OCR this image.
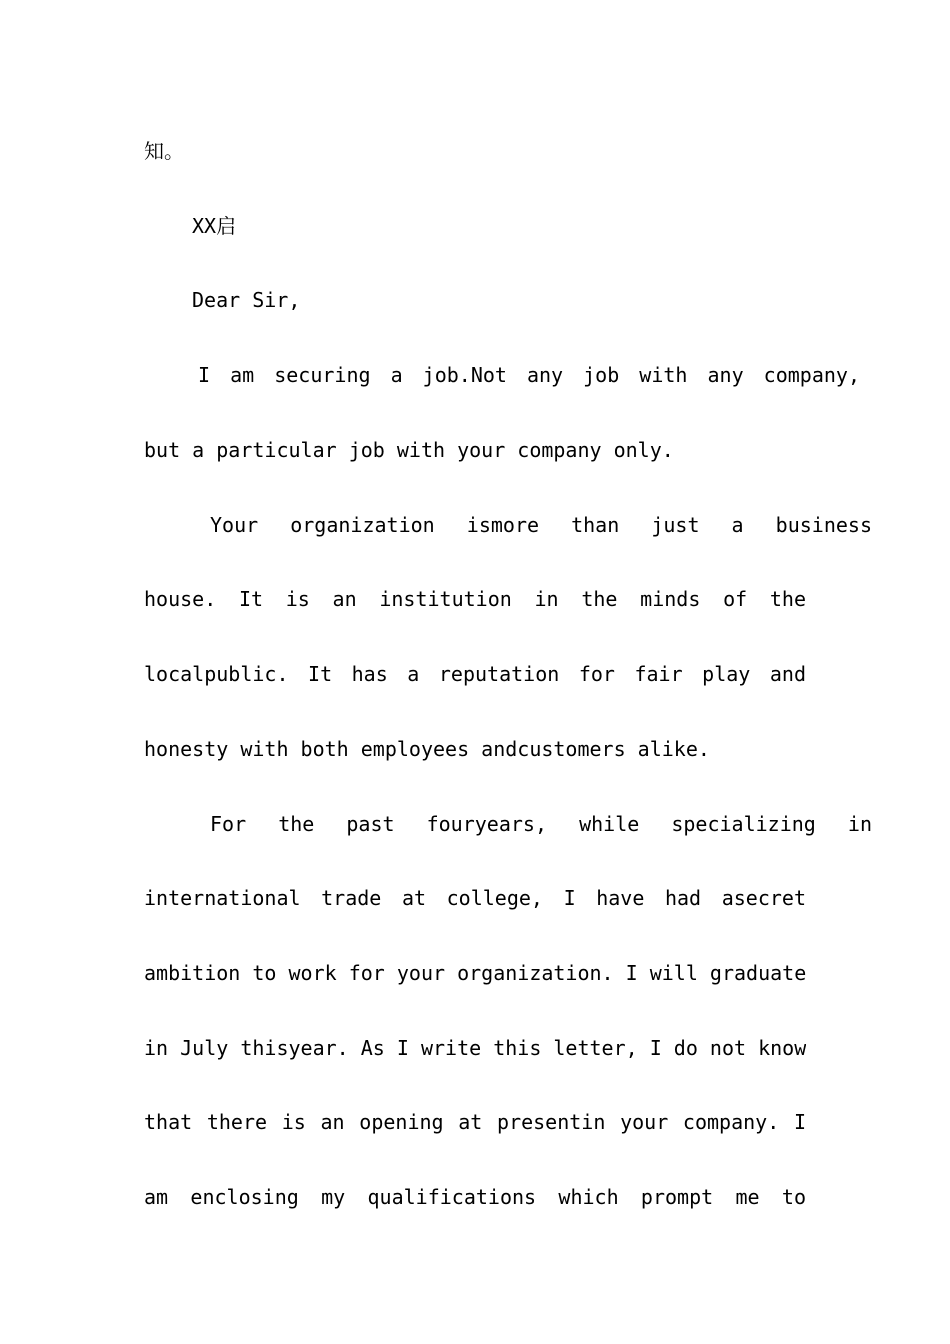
知。
XX启
Dear Sir,
I am securing a job.Not any job with any company,
but a particular job with your company only.
Your organization ismore than just a business
house. It is an institution in the minds of the
localpublic. It has a reputation for fair play and
honesty with both employees andcustomers alike.
For the past fouryears, while specializing in
international trade at college, I have had asecret
ambition to work for your organization. I will graduate
in July thisyear. As I write this letter, I do not know
that there is an opening at presentin your company. I
am enclosing my qualifications which prompt me to
